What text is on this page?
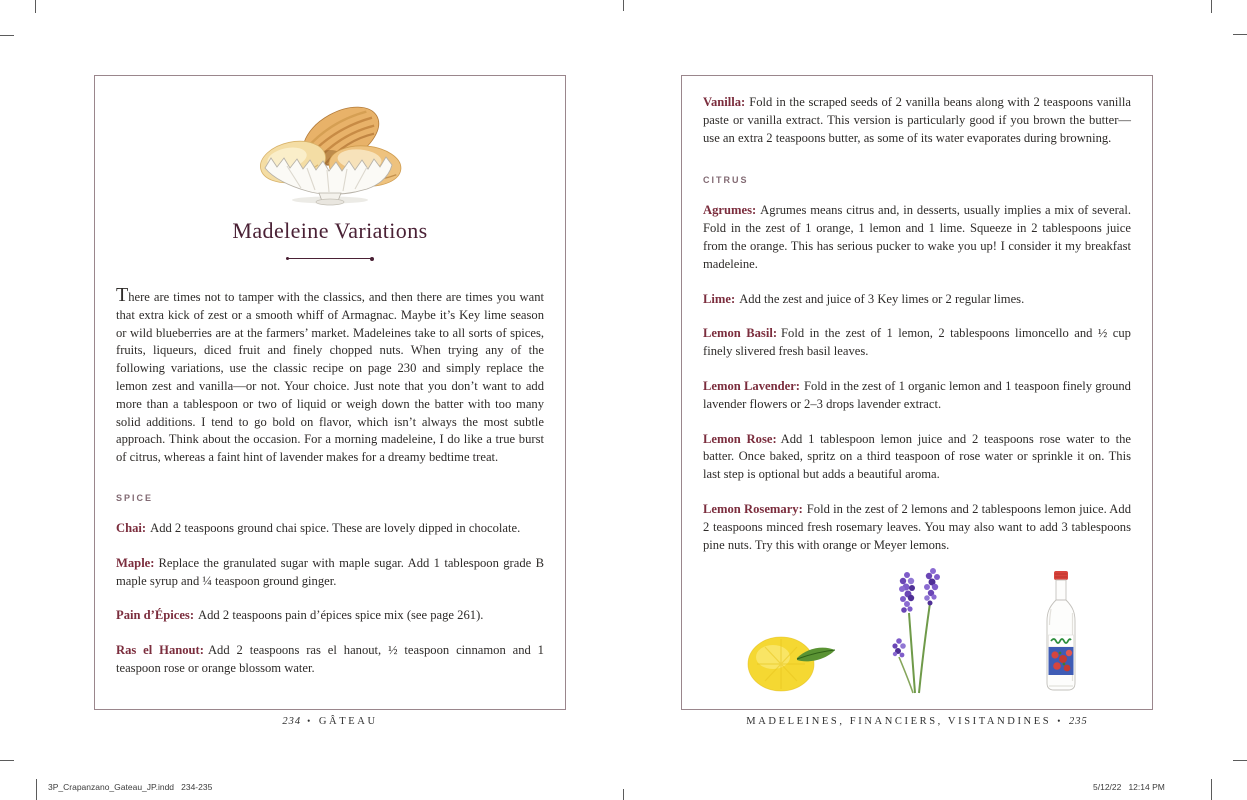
Madeleine Variations

There are times not to tamper with the classics, and then there are times you want that extra kick of zest or a smooth whiff of Armagnac. Maybe it’s Key lime season or wild blueberries are at the farmers’ market. Madeleines take to all sorts of spices, fruits, liqueurs, diced fruit and finely chopped nuts. When trying any of the following variations, use the classic recipe on page 230 and simply replace the lemon zest and vanilla—or not. Your choice. Just note that you don’t want to add more than a tablespoon or two of liquid or weigh down the batter with too many solid additions. I tend to go bold on flavor, which isn’t always the most subtle approach. Think about the occasion. For a morning madeleine, I do like a true burst of citrus, whereas a faint hint of lavender makes for a dreamy bedtime treat.

SPICE

Chai: Add 2 teaspoons ground chai spice. These are lovely dipped in chocolate.

Maple: Replace the granulated sugar with maple sugar. Add 1 tablespoon grade B maple syrup and ¼ teaspoon ground ginger.

Pain d’Épices: Add 2 teaspoons pain d’épices spice mix (see page 261).

Ras el Hanout: Add 2 teaspoons ras el hanout, ½ teaspoon cinnamon and 1 teaspoon rose or orange blossom water.

Vanilla: Fold in the scraped seeds of 2 vanilla beans along with 2 teaspoons vanilla paste or vanilla extract. This version is particularly good if you brown the butter—use an extra 2 teaspoons butter, as some of its water evaporates during browning.

CITRUS

Agrumes: Agrumes means citrus and, in desserts, usually implies a mix of several. Fold in the zest of 1 orange, 1 lemon and 1 lime. Squeeze in 2 tablespoons juice from the orange. This has serious pucker to wake you up! I consider it my breakfast madeleine.

Lime: Add the zest and juice of 3 Key limes or 2 regular limes.

Lemon Basil: Fold in the zest of 1 lemon, 2 tablespoons limoncello and ½ cup finely slivered fresh basil leaves.

Lemon Lavender: Fold in the zest of 1 organic lemon and 1 teaspoon finely ground lavender flowers or 2–3 drops lavender extract.

Lemon Rose: Add 1 tablespoon lemon juice and 2 teaspoons rose water to the batter. Once baked, spritz on a third teaspoon of rose water or sprinkle it on. This last step is optional but adds a beautiful aroma.

Lemon Rosemary: Fold in the zest of 2 lemons and 2 tablespoons lemon juice. Add 2 teaspoons minced fresh rosemary leaves. You may also want to add 3 tablespoons pine nuts. Try this with orange or Meyer lemons.

234 • GÂTEAU	MADELEINES, FINANCIERS, VISITANDINES • 235
3P_Crapanzano_Gateau_JP.indd   234-235	5/12/22   12:14 PM
